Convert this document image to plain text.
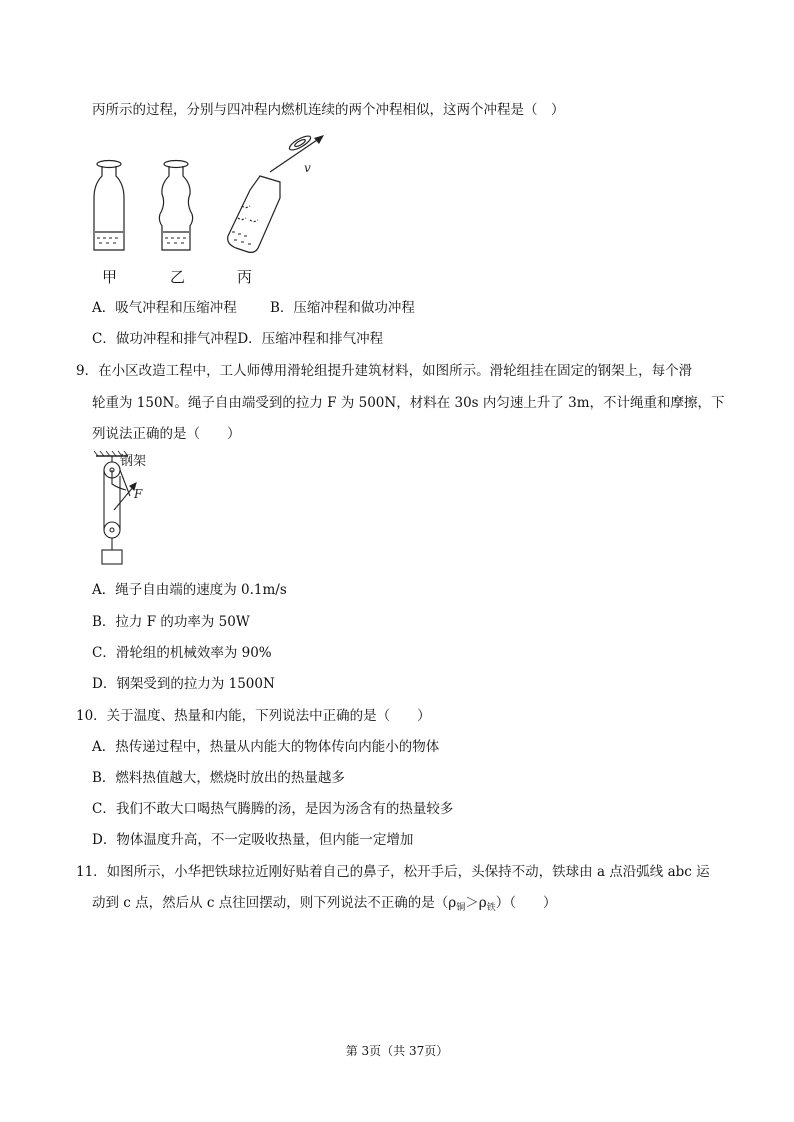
丙所示的过程，分别与四冲程内燃机连续的两个冲程相似，这两个冲程是（　）
v
甲	乙	丙
A．吸气冲程和压缩冲程 B．压缩冲程和做功冲程
C．做功冲程和排气冲程D．压缩冲程和排气冲程
9．在小区改造工程中，工人师傅用滑轮组提升建筑材料，如图所示。滑轮组挂在固定的钢架上，每个滑
轮重为 150N。绳子自由端受到的拉力 F 为 500N，材料在 30s 内匀速上升了 3m，不计绳重和摩擦，下
列说法正确的是（　　）
钢架
F
A．绳子自由端的速度为 0.1m/s
B．拉力 F 的功率为 50W
C．滑轮组的机械效率为 90%
D．钢架受到的拉力为 1500N
10．关于温度、热量和内能，下列说法中正确的是（　　）
A．热传递过程中，热量从内能大的物体传向内能小的物体
B．燃料热值越大，燃烧时放出的热量越多
C．我们不敢大口喝热气腾腾的汤，是因为汤含有的热量较多
D．物体温度升高，不一定吸收热量，但内能一定增加
11．如图所示，小华把铁球拉近刚好贴着自己的鼻子，松开手后，头保持不动，铁球由 a 点沿弧线 abc 运
动到 c 点，然后从 c 点往回摆动，则下列说法不正确的是$(\rho_铜>\rho_铁)$（　　）
第 3页（共 37页）
